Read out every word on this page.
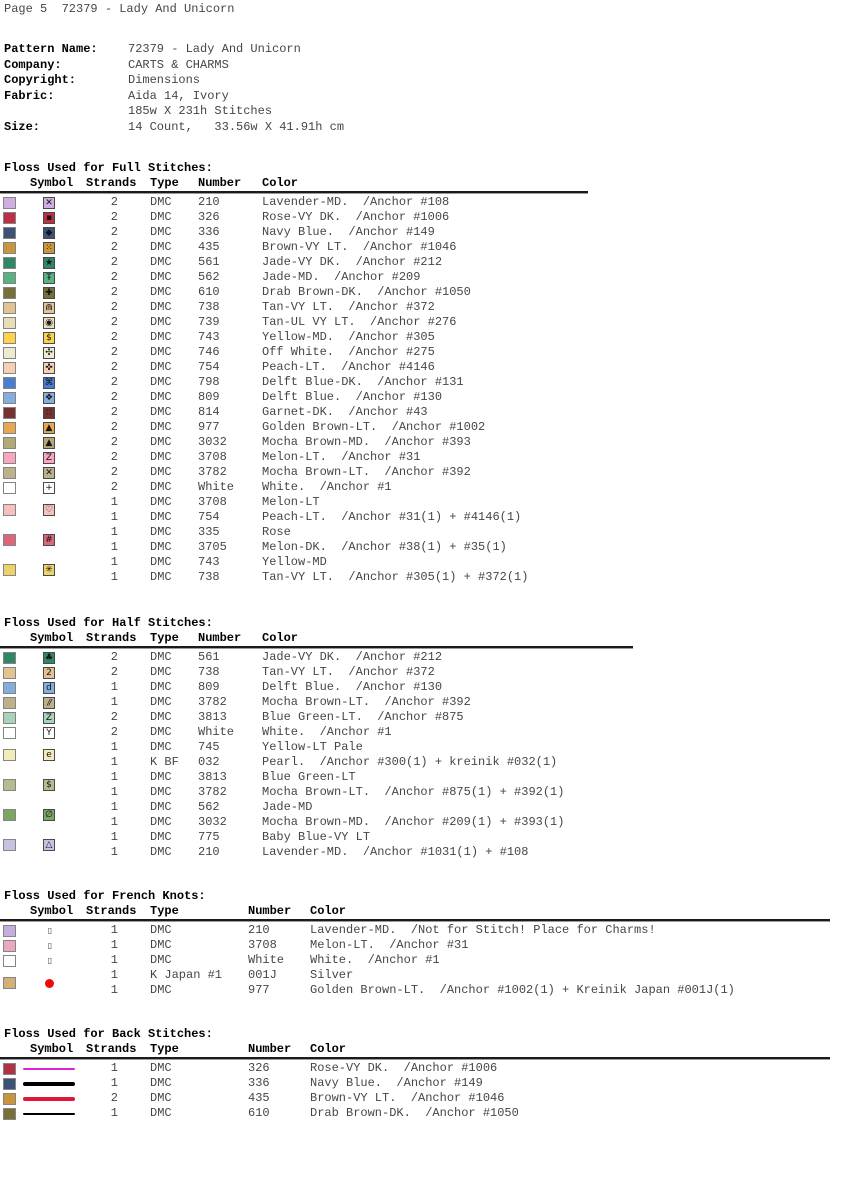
Page 5  72379 - Lady And Unicorn
Pattern Name:	72379 - Lady And Unicorn
Company:	CARTS & CHARMS
Copyright:	Dimensions
Fabric:	Aida 14, Ivory
185w X 231h Stitches
Size:	14 Count,   33.56w X 41.91h cm
Floss Used for Full Stitches:
Symbol Strands Type Number Color
✕	2	DMC 210	Lavender-MD.  /Anchor #108
▪	2	DMC 326	Rose-VY DK.  /Anchor #1006
◆	2	DMC 336	Navy Blue.  /Anchor #149
⁙	2	DMC 435	Brown-VY LT.  /Anchor #1046
★	2	DMC 561	Jade-VY DK.  /Anchor #212
Ŧ	2	DMC 562	Jade-MD.  /Anchor #209
✚	2	DMC 610	Drab Brown-DK.  /Anchor #1050
⋒	2	DMC 738	Tan-VY LT.  /Anchor #372
◉	2	DMC 739	Tan-UL VY LT.  /Anchor #276
$	2	DMC 743	Yellow-MD.  /Anchor #305
✣	2	DMC 746	Off White.  /Anchor #275
✜	2	DMC 754	Peach-LT.  /Anchor #4146
⌘	2	DMC 798	Delft Blue-DK.  /Anchor #131
❖	2	DMC 809	Delft Blue.  /Anchor #130
∷	2	DMC 814	Garnet-DK.  /Anchor #43
▲	2	DMC 977	Golden Brown-LT.  /Anchor #1002
▲	2	DMC 3032	Mocha Brown-MD.  /Anchor #393
Z	2	DMC 3708	Melon-LT.  /Anchor #31
✕	2	DMC 3782	Mocha Brown-LT.  /Anchor #392
+	2	DMC White White.  /Anchor #1
♡
1	DMC 3708	Melon-LT
1	DMC 754	Peach-LT.  /Anchor #31(1) + #4146(1)
#
1	DMC 335	Rose
1	DMC 3705	Melon-DK.  /Anchor #38(1) + #35(1)
✳
1	DMC 743	Yellow-MD
1	DMC 738	Tan-VY LT.  /Anchor #305(1) + #372(1)
Floss Used for Half Stitches:
Symbol Strands Type Number Color
♣	2	DMC 561	Jade-VY DK.  /Anchor #212
2	2	DMC 738	Tan-VY LT.  /Anchor #372
d	1	DMC 809	Delft Blue.  /Anchor #130
//	1	DMC 3782	Mocha Brown-LT.  /Anchor #392
Z	2	DMC 3813	Blue Green-LT.  /Anchor #875
Y	2	DMC White White.  /Anchor #1
e
1	DMC 745	Yellow-LT Pale
1	K BF 032	Pearl.  /Anchor #300(1) + kreinik #032(1)
$
1	DMC 3813	Blue Green-LT
1	DMC 3782	Mocha Brown-LT.  /Anchor #875(1) + #392(1)
∅
1	DMC 562	Jade-MD
1	DMC 3032	Mocha Brown-MD.  /Anchor #209(1) + #393(1)
△
1	DMC 775	Baby Blue-VY LT
1	DMC 210	Lavender-MD.  /Anchor #1031(1) + #108
Floss Used for French Knots:
Symbol Strands Type	Number Color
▯	1	DMC	210	Lavender-MD.  /Not for Stitch! Place for Charms!
▯	1	DMC	3708	Melon-LT.  /Anchor #31
▯	1	DMC	White White.  /Anchor #1
1	K Japan #1 001J	Silver
1	DMC	977	Golden Brown-LT.  /Anchor #1002(1) + Kreinik Japan #001J(1)
Floss Used for Back Stitches:
Symbol Strands Type	Number Color
1	DMC	326	Rose-VY DK.  /Anchor #1006
1	DMC	336	Navy Blue.  /Anchor #149
2	DMC	435	Brown-VY LT.  /Anchor #1046
1	DMC	610	Drab Brown-DK.  /Anchor #1050
